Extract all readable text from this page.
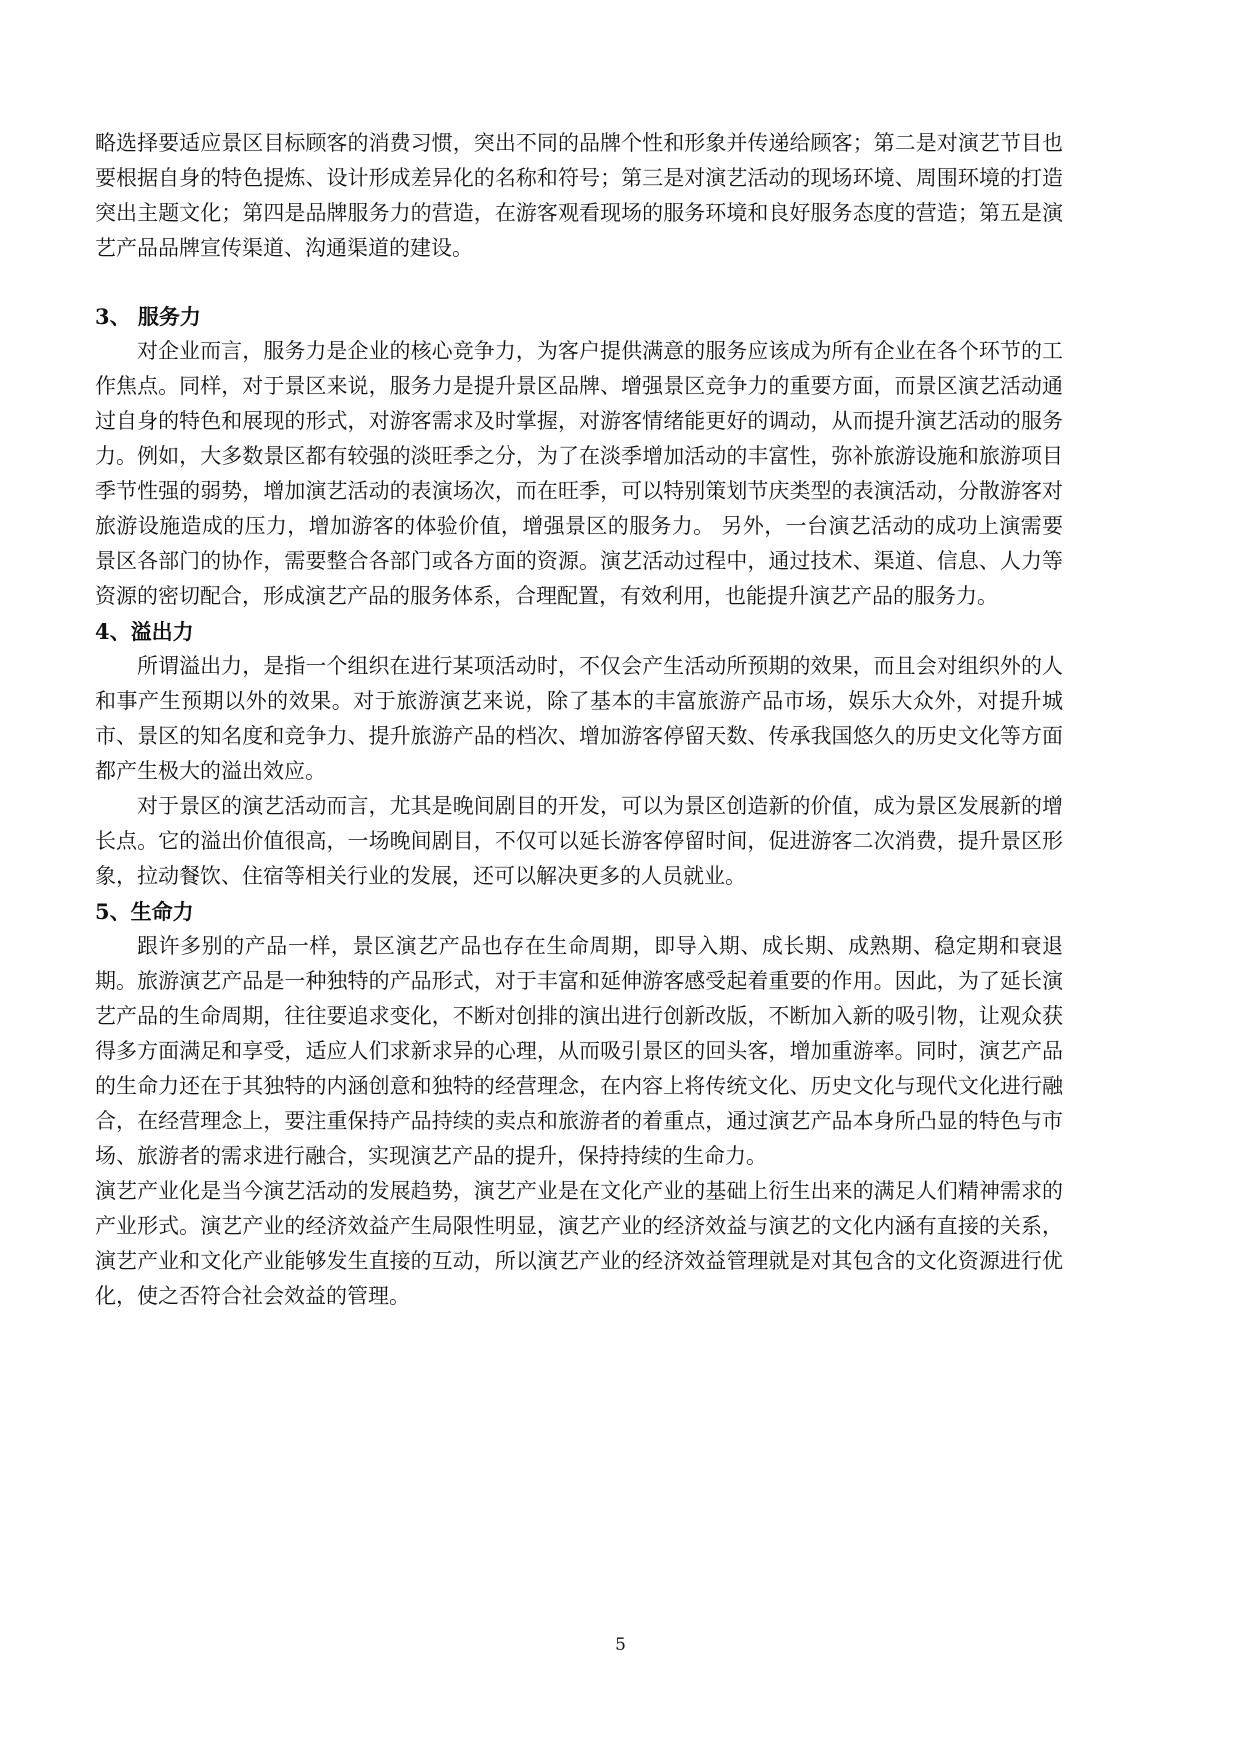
略选择要适应景区目标顾客的消费习惯，突出不同的品牌个性和形象并传递给顾客；第二是对演艺节目也要根据自身的特色提炼、设计形成差异化的名称和符号；第三是对演艺活动的现场环境、周围环境的打造突出主题文化；第四是品牌服务力的营造，在游客观看现场的服务环境和良好服务态度的营造；第五是演艺产品品牌宣传渠道、沟通渠道的建设。

3、 服务力

对企业而言，服务力是企业的核心竞争力，为客户提供满意的服务应该成为所有企业在各个环节的工作焦点。同样，对于景区来说，服务力是提升景区品牌、增强景区竞争力的重要方面，而景区演艺活动通过自身的特色和展现的形式，对游客需求及时掌握，对游客情绪能更好的调动，从而提升演艺活动的服务力。例如，大多数景区都有较强的淡旺季之分，为了在淡季增加活动的丰富性，弥补旅游设施和旅游项目季节性强的弱势，增加演艺活动的表演场次，而在旺季，可以特别策划节庆类型的表演活动，分散游客对旅游设施造成的压力，增加游客的体验价值，增强景区的服务力。 另外，一台演艺活动的成功上演需要景区各部门的协作，需要整合各部门或各方面的资源。演艺活动过程中，通过技术、渠道、信息、人力等资源的密切配合，形成演艺产品的服务体系，合理配置，有效利用，也能提升演艺产品的服务力。

4、溢出力

所谓溢出力，是指一个组织在进行某项活动时，不仅会产生活动所预期的效果，而且会对组织外的人和事产生预期以外的效果。对于旅游演艺来说，除了基本的丰富旅游产品市场，娱乐大众外，对提升城市、景区的知名度和竞争力、提升旅游产品的档次、增加游客停留天数、传承我国悠久的历史文化等方面都产生极大的溢出效应。

对于景区的演艺活动而言，尤其是晚间剧目的开发，可以为景区创造新的价值，成为景区发展新的增长点。它的溢出价值很高，一场晚间剧目，不仅可以延长游客停留时间，促进游客二次消费，提升景区形象，拉动餐饮、住宿等相关行业的发展，还可以解决更多的人员就业。

5、生命力

跟许多别的产品一样，景区演艺产品也存在生命周期，即导入期、成长期、成熟期、稳定期和衰退期。旅游演艺产品是一种独特的产品形式，对于丰富和延伸游客感受起着重要的作用。因此，为了延长演艺产品的生命周期，往往要追求变化，不断对创排的演出进行创新改版，不断加入新的吸引物，让观众获得多方面满足和享受，适应人们求新求异的心理，从而吸引景区的回头客，增加重游率。同时，演艺产品的生命力还在于其独特的内涵创意和独特的经营理念，在内容上将传统文化、历史文化与现代文化进行融合，在经营理念上，要注重保持产品持续的卖点和旅游者的着重点，通过演艺产品本身所凸显的特色与市场、旅游者的需求进行融合，实现演艺产品的提升，保持持续的生命力。

演艺产业化是当今演艺活动的发展趋势，演艺产业是在文化产业的基础上衍生出来的满足人们精神需求的产业形式。演艺产业的经济效益产生局限性明显，演艺产业的经济效益与演艺的文化内涵有直接的关系，演艺产业和文化产业能够发生直接的互动，所以演艺产业的经济效益管理就是对其包含的文化资源进行优化，使之否符合社会效益的管理。

5
